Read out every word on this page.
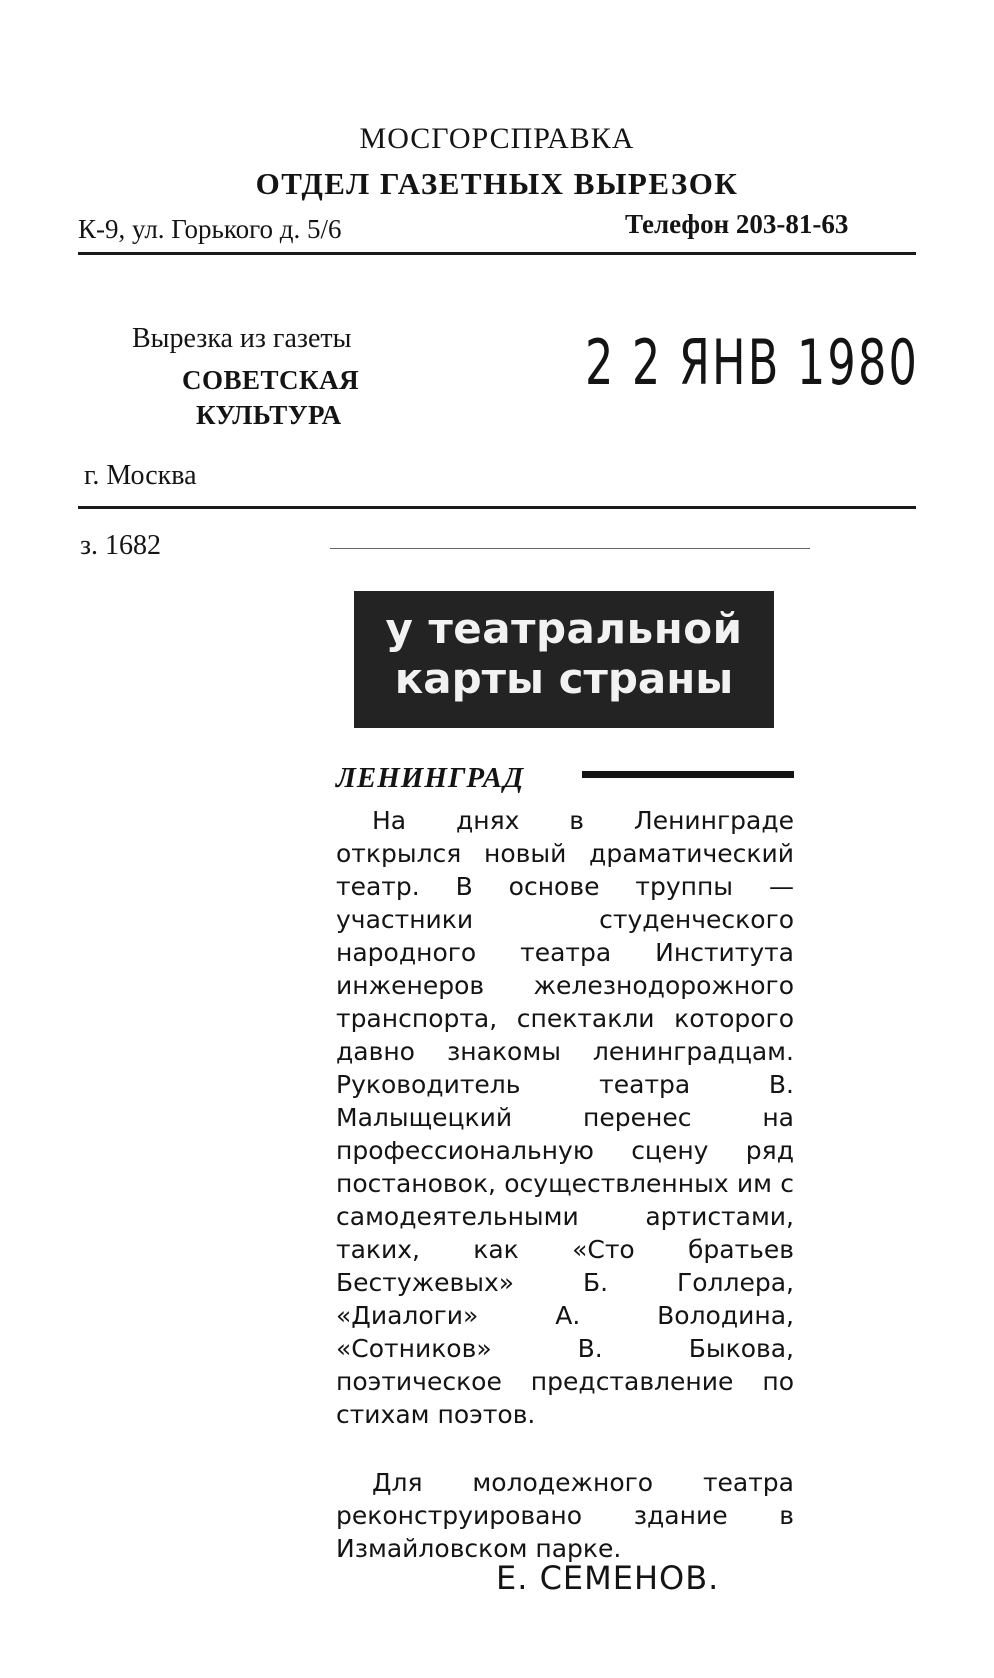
МОСГОРСПРАВКА
ОТДЕЛ ГАЗЕТНЫХ ВЫРЕЗОК
К-9, ул. Горького д. 5/6	Телефон 203-81-63
Вырезка из газеты
СОВЕТСКАЯ
КУЛЬТУРА
г. Москва
2 2 ЯНВ 1980
з. 1682
у театральной
карты страны
ЛЕНИНГРАД

На днях в Ленинграде открылся новый драматический театр. В основе труппы — участники студенческого народного театра Института инженеров железнодорожного транспорта, спектакли которого давно знакомы ленинградцам. Руководитель театра В. Малыщецкий перенес на профессиональную сцену ряд постановок, осуществленных им с самодеятельными артистами, таких, как «Сто братьев Бестужевых» Б. Голлера, «Диалоги» А. Володина, «Сотников» В. Быкова, поэтическое представление по стихам поэтов.

Для молодежного театра реконструировано здание в Измайловском парке.

Е. СЕМЕНОВ.
